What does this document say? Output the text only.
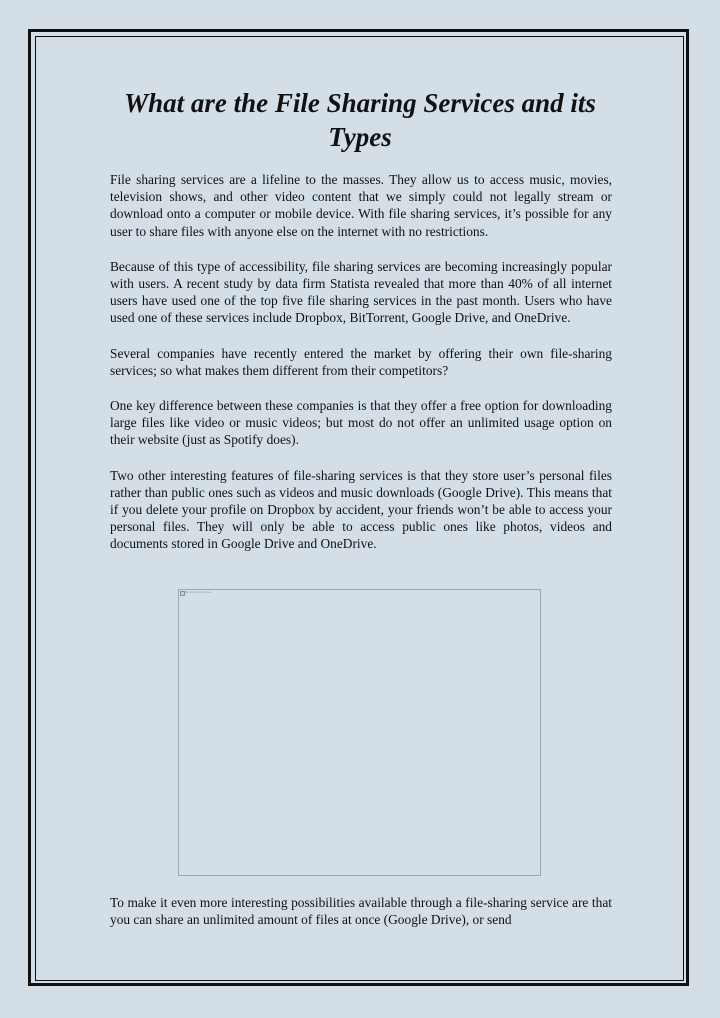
What are the File Sharing Services and its Types

File sharing services are a lifeline to the masses. They allow us to access music, movies, television shows, and other video content that we simply could not legally stream or download onto a computer or mobile device. With file sharing services, it’s possible for any user to share files with anyone else on the internet with no restrictions.

Because of this type of accessibility, file sharing services are becoming increasingly popular with users. A recent study by data firm Statista revealed that more than 40% of all internet users have used one of the top five file sharing services in the past month. Users who have used one of these services include Dropbox, BitTorrent, Google Drive, and OneDrive.

Several companies have recently entered the market by offering their own file-sharing services; so what makes them different from their competitors?

One key difference between these companies is that they offer a free option for downloading large files like video or music videos; but most do not offer an unlimited usage option on their website (just as Spotify does).

Two other interesting features of file-sharing services is that they store user’s personal files rather than public ones such as videos and music downloads (Google Drive). This means that if you delete your profile on Dropbox by accident, your friends won’t be able to access your personal files. They will only be able to access public ones like photos, videos and documents stored in Google Drive and OneDrive.

file sharing services

To make it even more interesting possibilities available through a file-sharing service are that you can share an unlimited amount of files at once (Google Drive), or send
